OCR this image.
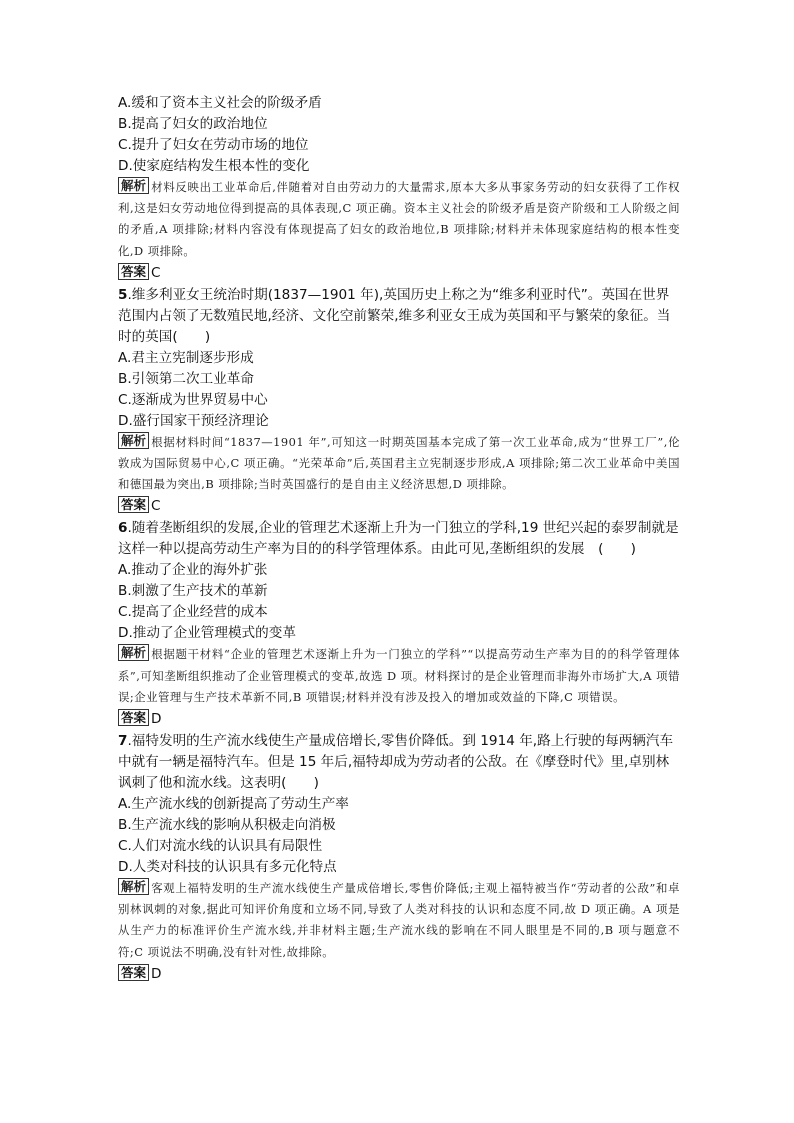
A.缓和了资本主义社会的阶级矛盾
B.提高了妇女的政治地位
C.提升了妇女在劳动市场的地位
D.使家庭结构发生根本性的变化
解析 材料反映出工业革命后,伴随着对自由劳动力的大量需求,原本大多从事家务劳动的妇女获得了工作权利,这是妇女劳动地位得到提高的具体表现,C 项正确。资本主义社会的阶级矛盾是资产阶级和工人阶级之间的矛盾,A 项排除;材料内容没有体现提高了妇女的政治地位,B 项排除;材料并未体现家庭结构的根本性变化,D 项排除。
答案 C
5.维多利亚女王统治时期(1837—1901 年),英国历史上称之为“维多利亚时代”。英国在世界范围内占领了无数殖民地,经济、文化空前繁荣,维多利亚女王成为英国和平与繁荣的象征。当时的英国(　　)
A.君主立宪制逐步形成
B.引领第二次工业革命
C.逐渐成为世界贸易中心
D.盛行国家干预经济理论
解析 根据材料时间“1837—1901 年”,可知这一时期英国基本完成了第一次工业革命,成为“世界工厂”,伦敦成为国际贸易中心,C 项正确。“光荣革命”后,英国君主立宪制逐步形成,A 项排除;第二次工业革命中美国和德国最为突出,B 项排除;当时英国盛行的是自由主义经济思想,D 项排除。
答案 C
6.随着垄断组织的发展,企业的管理艺术逐渐上升为一门独立的学科,19 世纪兴起的泰罗制就是这样一种以提高劳动生产率为目的的科学管理体系。由此可见,垄断组织的发展　(　　)
A.推动了企业的海外扩张
B.刺激了生产技术的革新
C.提高了企业经营的成本
D.推动了企业管理模式的变革
解析 根据题干材料“企业的管理艺术逐渐上升为一门独立的学科”“以提高劳动生产率为目的的科学管理体系”,可知垄断组织推动了企业管理模式的变革,故选 D 项。材料探讨的是企业管理而非海外市场扩大,A 项错误;企业管理与生产技术革新不同,B 项错误;材料并没有涉及投入的增加或效益的下降,C 项错误。
答案 D
7.福特发明的生产流水线使生产量成倍增长,零售价降低。到 1914 年,路上行驶的每两辆汽车中就有一辆是福特汽车。但是 15 年后,福特却成为劳动者的公敌。在《摩登时代》里,卓别林讽刺了他和流水线。这表明(　　)
A.生产流水线的创新提高了劳动生产率
B.生产流水线的影响从积极走向消极
C.人们对流水线的认识具有局限性
D.人类对科技的认识具有多元化特点
解析 客观上福特发明的生产流水线使生产量成倍增长,零售价降低;主观上福特被当作“劳动者的公敌”和卓别林讽刺的对象,据此可知评价角度和立场不同,导致了人类对科技的认识和态度不同,故 D 项正确。A 项是从生产力的标准评价生产流水线,并非材料主题;生产流水线的影响在不同人眼里是不同的,B 项与题意不符;C 项说法不明确,没有针对性,故排除。
答案 D
